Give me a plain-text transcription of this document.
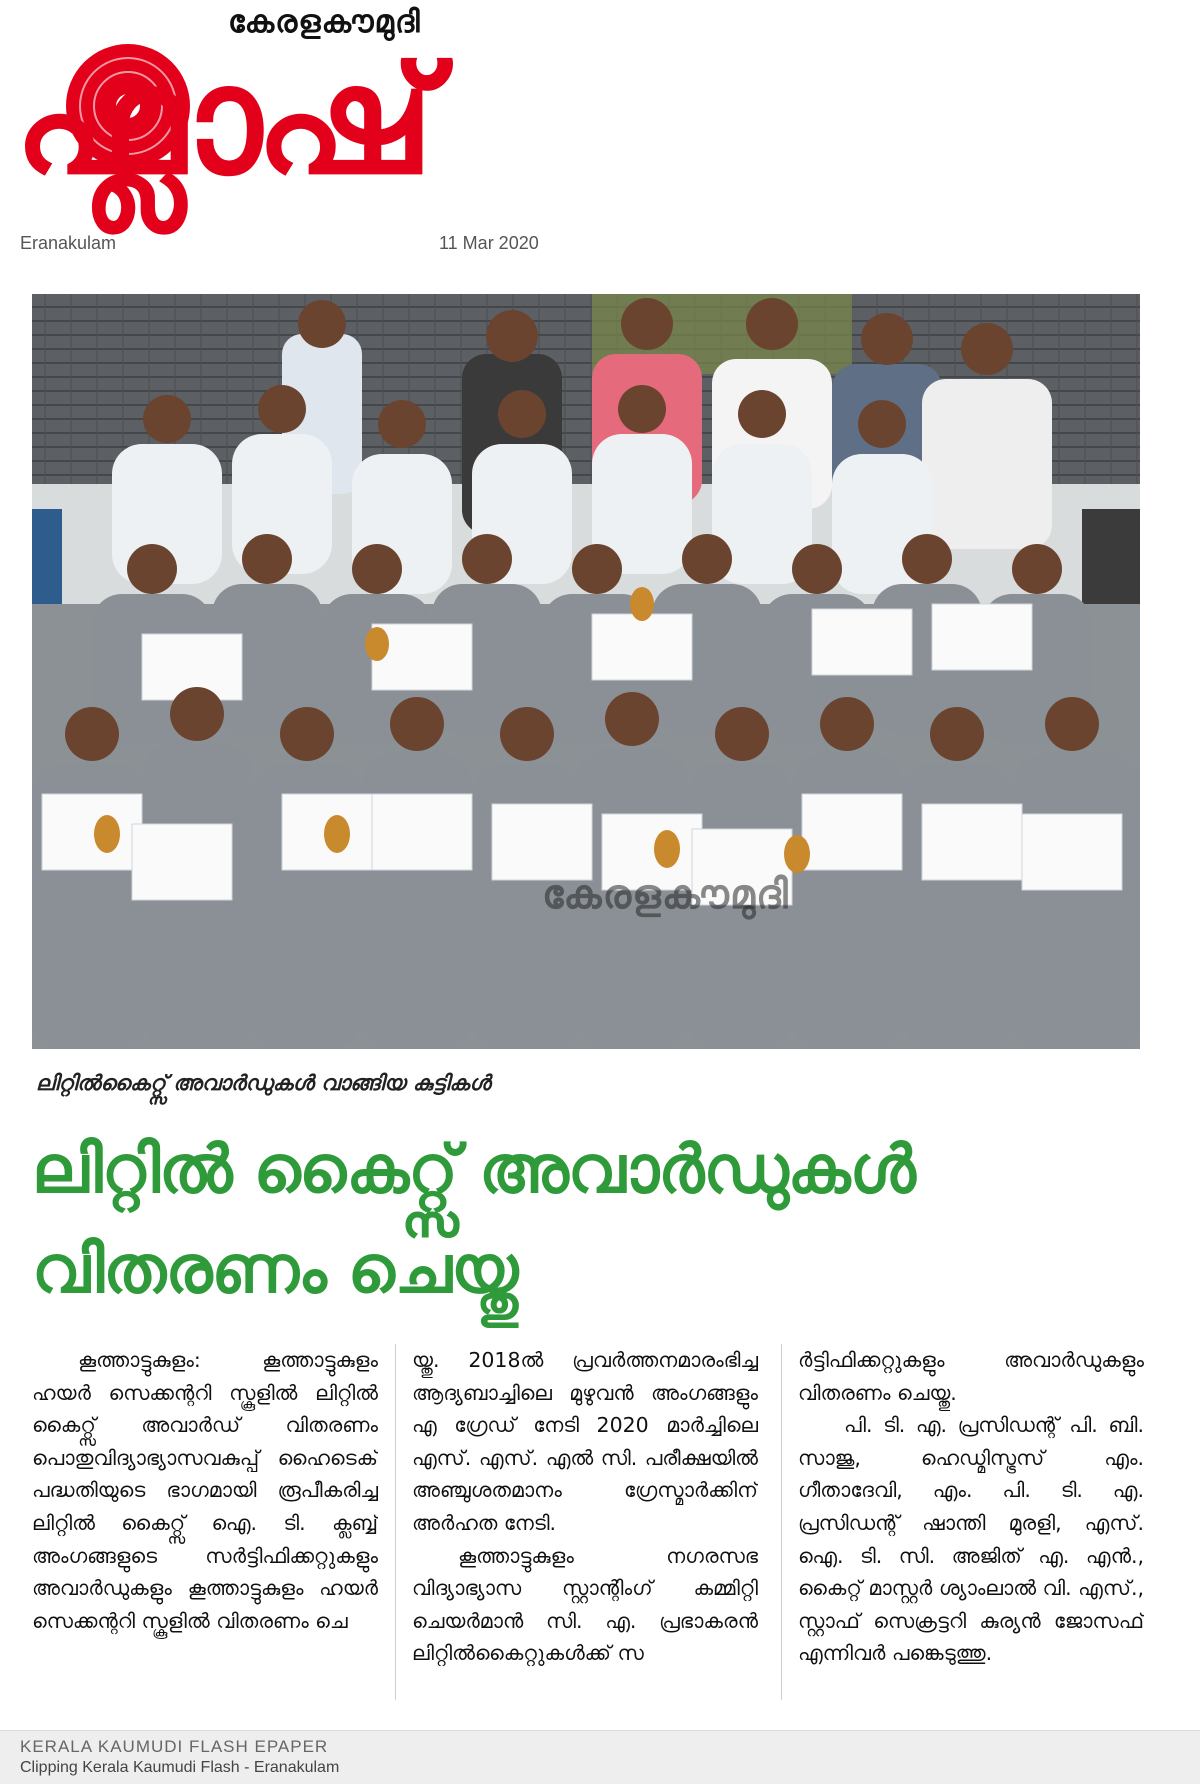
കേരളകൗമുദി
ഫ്ലാഷ്
Eranakulam	11 Mar 2020
കേരളകൗമുദി
ലിറ്റിൽകൈറ്റ്സ് അവാർഡുകൾ വാങ്ങിയ കുട്ടികൾ
ലിറ്റിൽ കൈറ്റ്സ് അവാർഡുകൾ
വിതരണം ചെയ്തു

കൂത്താട്ടുകുളം: കൂത്താട്ടുകുളം ഹയർ സെക്കന്ററി സ്കൂളിൽ ലിറ്റിൽ കൈറ്റ്സ് അവാർഡ് വിതരണം പൊതുവിദ്യാഭ്യാസവകുപ്പ് ഹൈടെക് പദ്ധതിയുടെ ഭാഗമായി രൂപീകരിച്ച ലിറ്റിൽ കൈറ്റ്സ് ഐ. ടി. ക്ലബ്ബ് അംഗങ്ങളുടെ സർട്ടിഫിക്കറ്റുകളും അവാർഡുകളും കൂത്താട്ടുകുളം ഹയർ സെക്കന്ററി സ്കൂളിൽ വിതരണം ചെ

യ്തു. 2018ൽ പ്രവർത്തനമാരംഭിച്ച ആദ്യബാച്ചിലെ മുഴുവൻ അംഗങ്ങളും എ ഗ്രേഡ് നേടി 2020 മാർച്ചിലെ എസ്. എസ്. എൽ സി. പരീക്ഷയിൽ അഞ്ചുശതമാനം ഗ്രേസ്മാർക്കിന് അർഹത നേടി.

കൂത്താട്ടുകുളം നഗരസഭ വിദ്യാഭ്യാസ സ്റ്റാന്റിംഗ് കമ്മിറ്റി ചെയർമാൻ സി. എ. പ്രഭാകരൻ ലിറ്റിൽകൈറ്റുകൾക്ക് സ

ർട്ടിഫിക്കറ്റുകളും അവാർഡുകളും വിതരണം ചെയ്തു.

പി. ടി. എ. പ്രസിഡന്റ് പി. ബി. സാജു, ഹെഡ്മിസ്ട്രസ് എം. ഗീതാദേവി, എം. പി. ടി. എ. പ്രസിഡന്റ് ഷാന്തി മുരളി, എസ്. ഐ. ടി. സി. അജിത് എ. എൻ., കൈറ്റ് മാസ്റ്റർ ശ്യാംലാൽ വി. എസ്., സ്റ്റാഫ് സെക്രട്ടറി കുര്യൻ ജോസഫ് എന്നിവർ പങ്കെടുത്തു.

KERALA KAUMUDI FLASH EPAPER
Clipping Kerala Kaumudi Flash - Eranakulam
